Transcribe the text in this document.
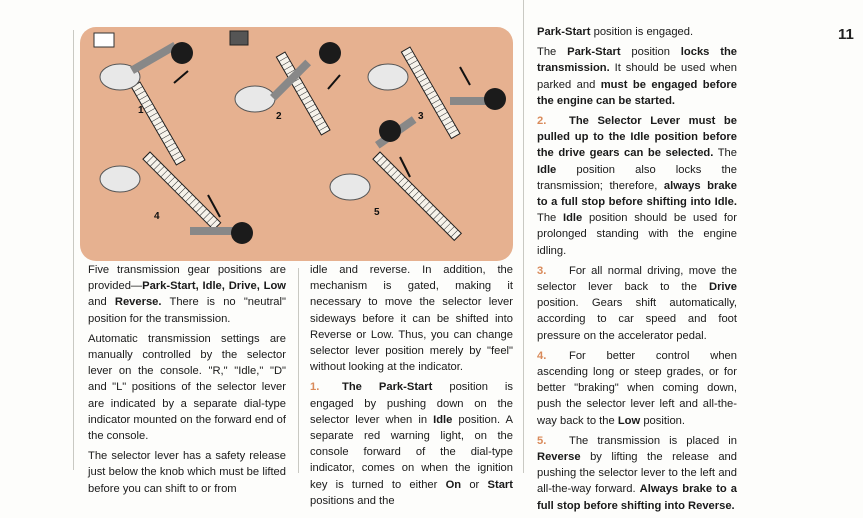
11
1
2	3
4	5

Five transmission gear positions are provided—Park-Start, Idle, Drive, Low and Reverse. There is no "neutral" position for the transmission.

Automatic transmission settings are manually controlled by the selector lever on the console. "R," "Idle," "D" and "L" positions of the selector lever are indicated by a separate dial-type indicator mounted on the forward end of the console.

The selector lever has a safety release just below the knob which must be lifted before you can shift to or from

idle and reverse. In addition, the mechanism is gated, making it necessary to move the selector lever sideways before it can be shifted into Reverse or Low. Thus, you can change selector lever position merely by "feel" without looking at the indicator.

1. The Park-Start position is engaged by pushing down on the selector lever when in Idle position. A separate red warning light, on the console forward of the dial-type indicator, comes on when the ignition key is turned to either On or Start positions and the

Park-Start position is engaged.

The Park-Start position locks the transmission. It should be used when parked and must be engaged before the engine can be started.

2. The Selector Lever must be pulled up to the Idle position before the drive gears can be selected. The Idle position also locks the transmission; therefore, always brake to a full stop before shifting into Idle. The Idle position should be used for prolonged standing with the engine idling.

3. For all normal driving, move the selector lever back to the Drive position. Gears shift automatically, according to car speed and foot pressure on the accelerator pedal.

4. For better control when ascending long or steep grades, or for better "braking" when coming down, push the selector lever left and all-the-way back to the Low position.

5. The transmission is placed in Reverse by lifting the release and pushing the selector lever to the left and all-the-way forward. Always brake to a full stop before shifting into Reverse.
